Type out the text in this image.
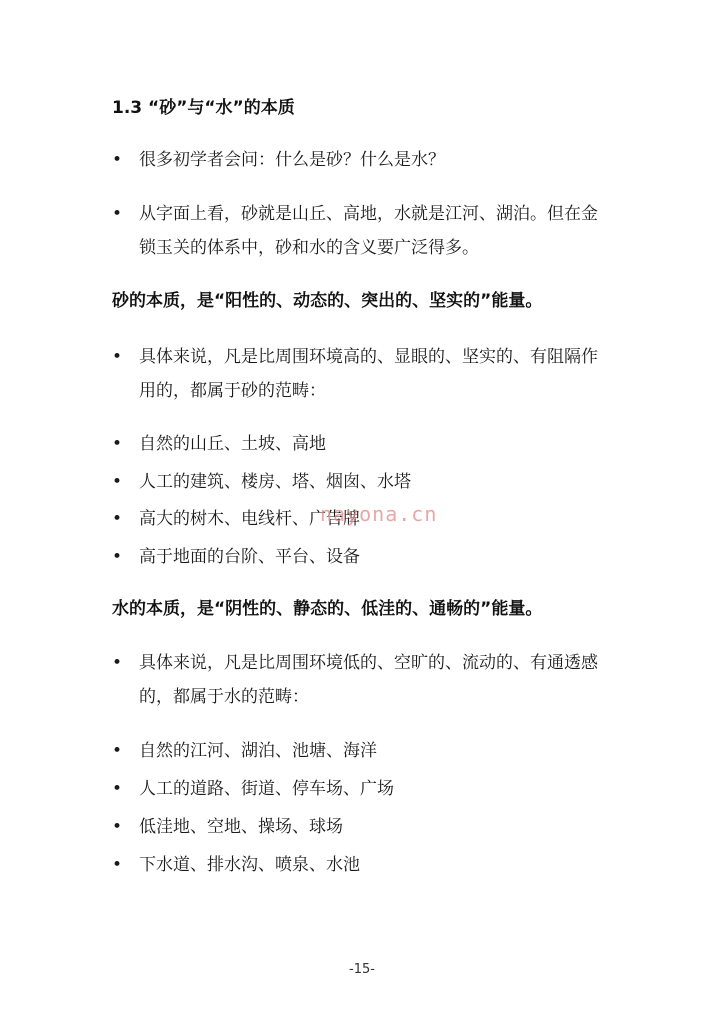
1.3 “砂”与“水”的本质
• 很多初学者会问：什么是砂？什么是水？
• 从字面上看，砂就是山丘、高地，水就是江河、湖泊。但在金锁玉关的体系中，砂和水的含义要广泛得多。
砂的本质，是“阳性的、动态的、突出的、坚实的”能量。
• 具体来说，凡是比周围环境高的、显眼的、坚实的、有阻隔作用的，都属于砂的范畴：
• 自然的山丘、土坡、高地
• 人工的建筑、楼房、塔、烟囱、水塔
• 高大的树木、电线杆、广告牌
• 高于地面的台阶、平台、设备
水的本质，是“阴性的、静态的、低洼的、通畅的”能量。
• 具体来说，凡是比周围环境低的、空旷的、流动的、有通透感的，都属于水的范畴：
• 自然的江河、湖泊、池塘、海洋
• 人工的道路、街道、停车场、广场
• 低洼地、空地、操场、球场
• 下水道、排水沟、喷泉、水池
nayona.cn
-15-
